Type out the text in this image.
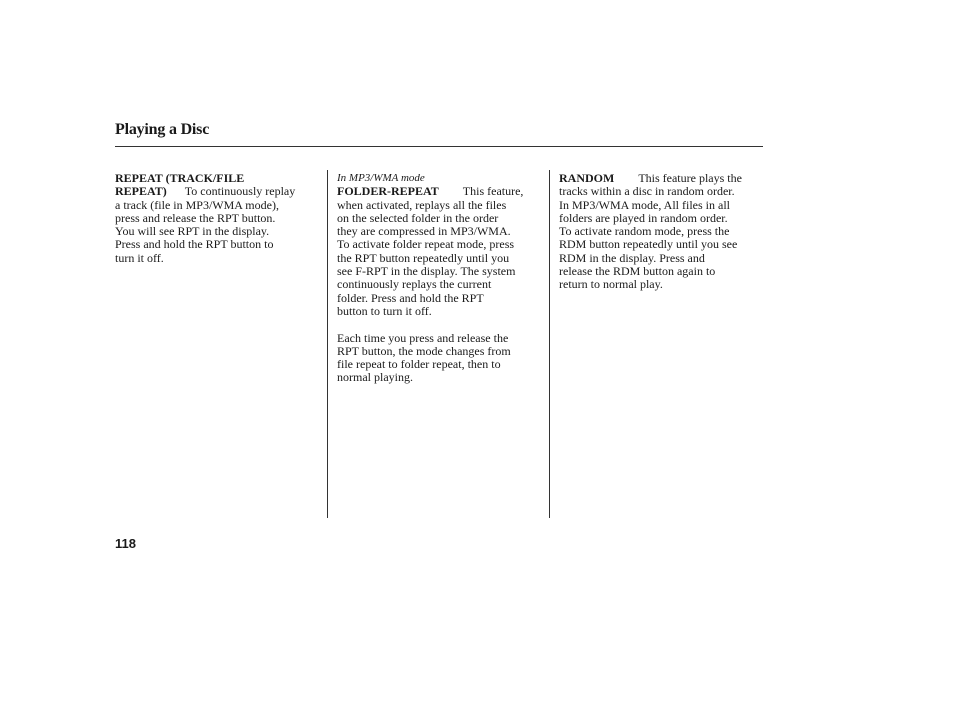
Playing a Disc
REPEAT (TRACK/FILE
REPEAT)  To continuously replay
a track (file in MP3/WMA mode),
press and release the RPT button.
You will see RPT in the display.
Press and hold the RPT button to
turn it off.
In MP3/WMA mode
FOLDER-REPEAT  This feature,
when activated, replays all the files
on the selected folder in the order
they are compressed in MP3/WMA.
To activate folder repeat mode, press
the RPT button repeatedly until you
see F-RPT in the display. The system
continuously replays the current
folder. Press and hold the RPT
button to turn it off.
Each time you press and release the
RPT button, the mode changes from
file repeat to folder repeat, then to
normal playing.
RANDOM  This feature plays the
tracks within a disc in random order.
In MP3/WMA mode, All files in all
folders are played in random order.
To activate random mode, press the
RDM button repeatedly until you see
RDM in the display. Press and
release the RDM button again to
return to normal play.
118
